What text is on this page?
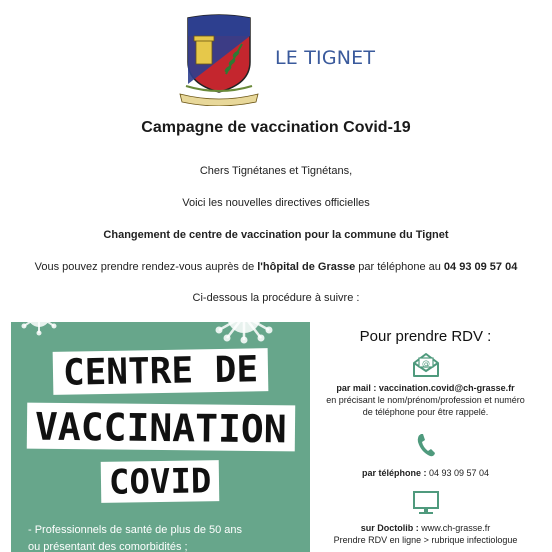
LE TIGNET
Campagne de vaccination Covid-19
Chers Tignétanes et Tignétans,
Voici les nouvelles directives officielles
Changement de centre de vaccination pour la commune du Tignet
Vous pouvez prendre rendez-vous auprès de l'hôpital de Grasse par téléphone au 04 93 09 57 04
Ci-dessous la procédure à suivre :
CENTRE DE
VACCINATION
COVID
- Professionnels de santé de plus de 50 ans
ou présentant des comorbidités ;
Pour prendre RDV :
@
par mail : vaccination.covid@ch-grasse.fr
en précisant le nom/prénom/profession et numéro
de téléphone pour être rappelé.
par téléphone : 04 93 09 57 04
sur Doctolib : www.ch-grasse.fr
Prendre RDV en ligne > rubrique infectiologue
